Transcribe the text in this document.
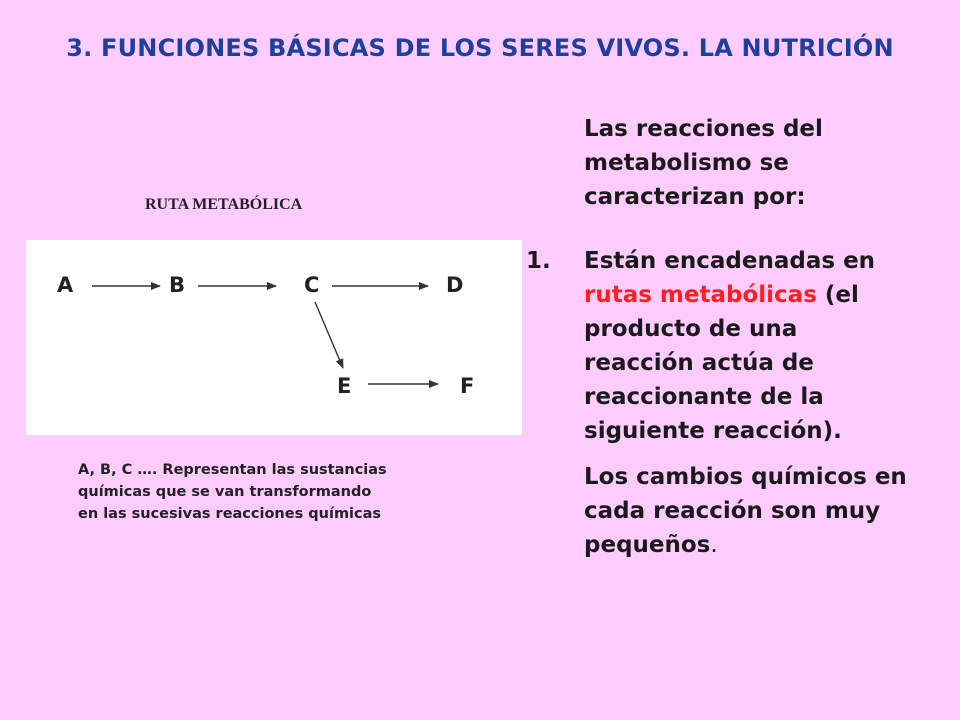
3. FUNCIONES BÁSICAS DE LOS SERES VIVOS. LA NUTRICIÓN
RUTA METABÓLICA
A	B	C	D
E	F
A, B, C …. Representan las sustancias
químicas que se van transformando
en las sucesivas reacciones químicas

Las reacciones del metabolismo se caracterizan por:

1. Están encadenadas en rutas metabólicas (el producto de una reacción actúa de reaccionante de la siguiente reacción).

Los cambios químicos en cada reacción son muy pequeños.
